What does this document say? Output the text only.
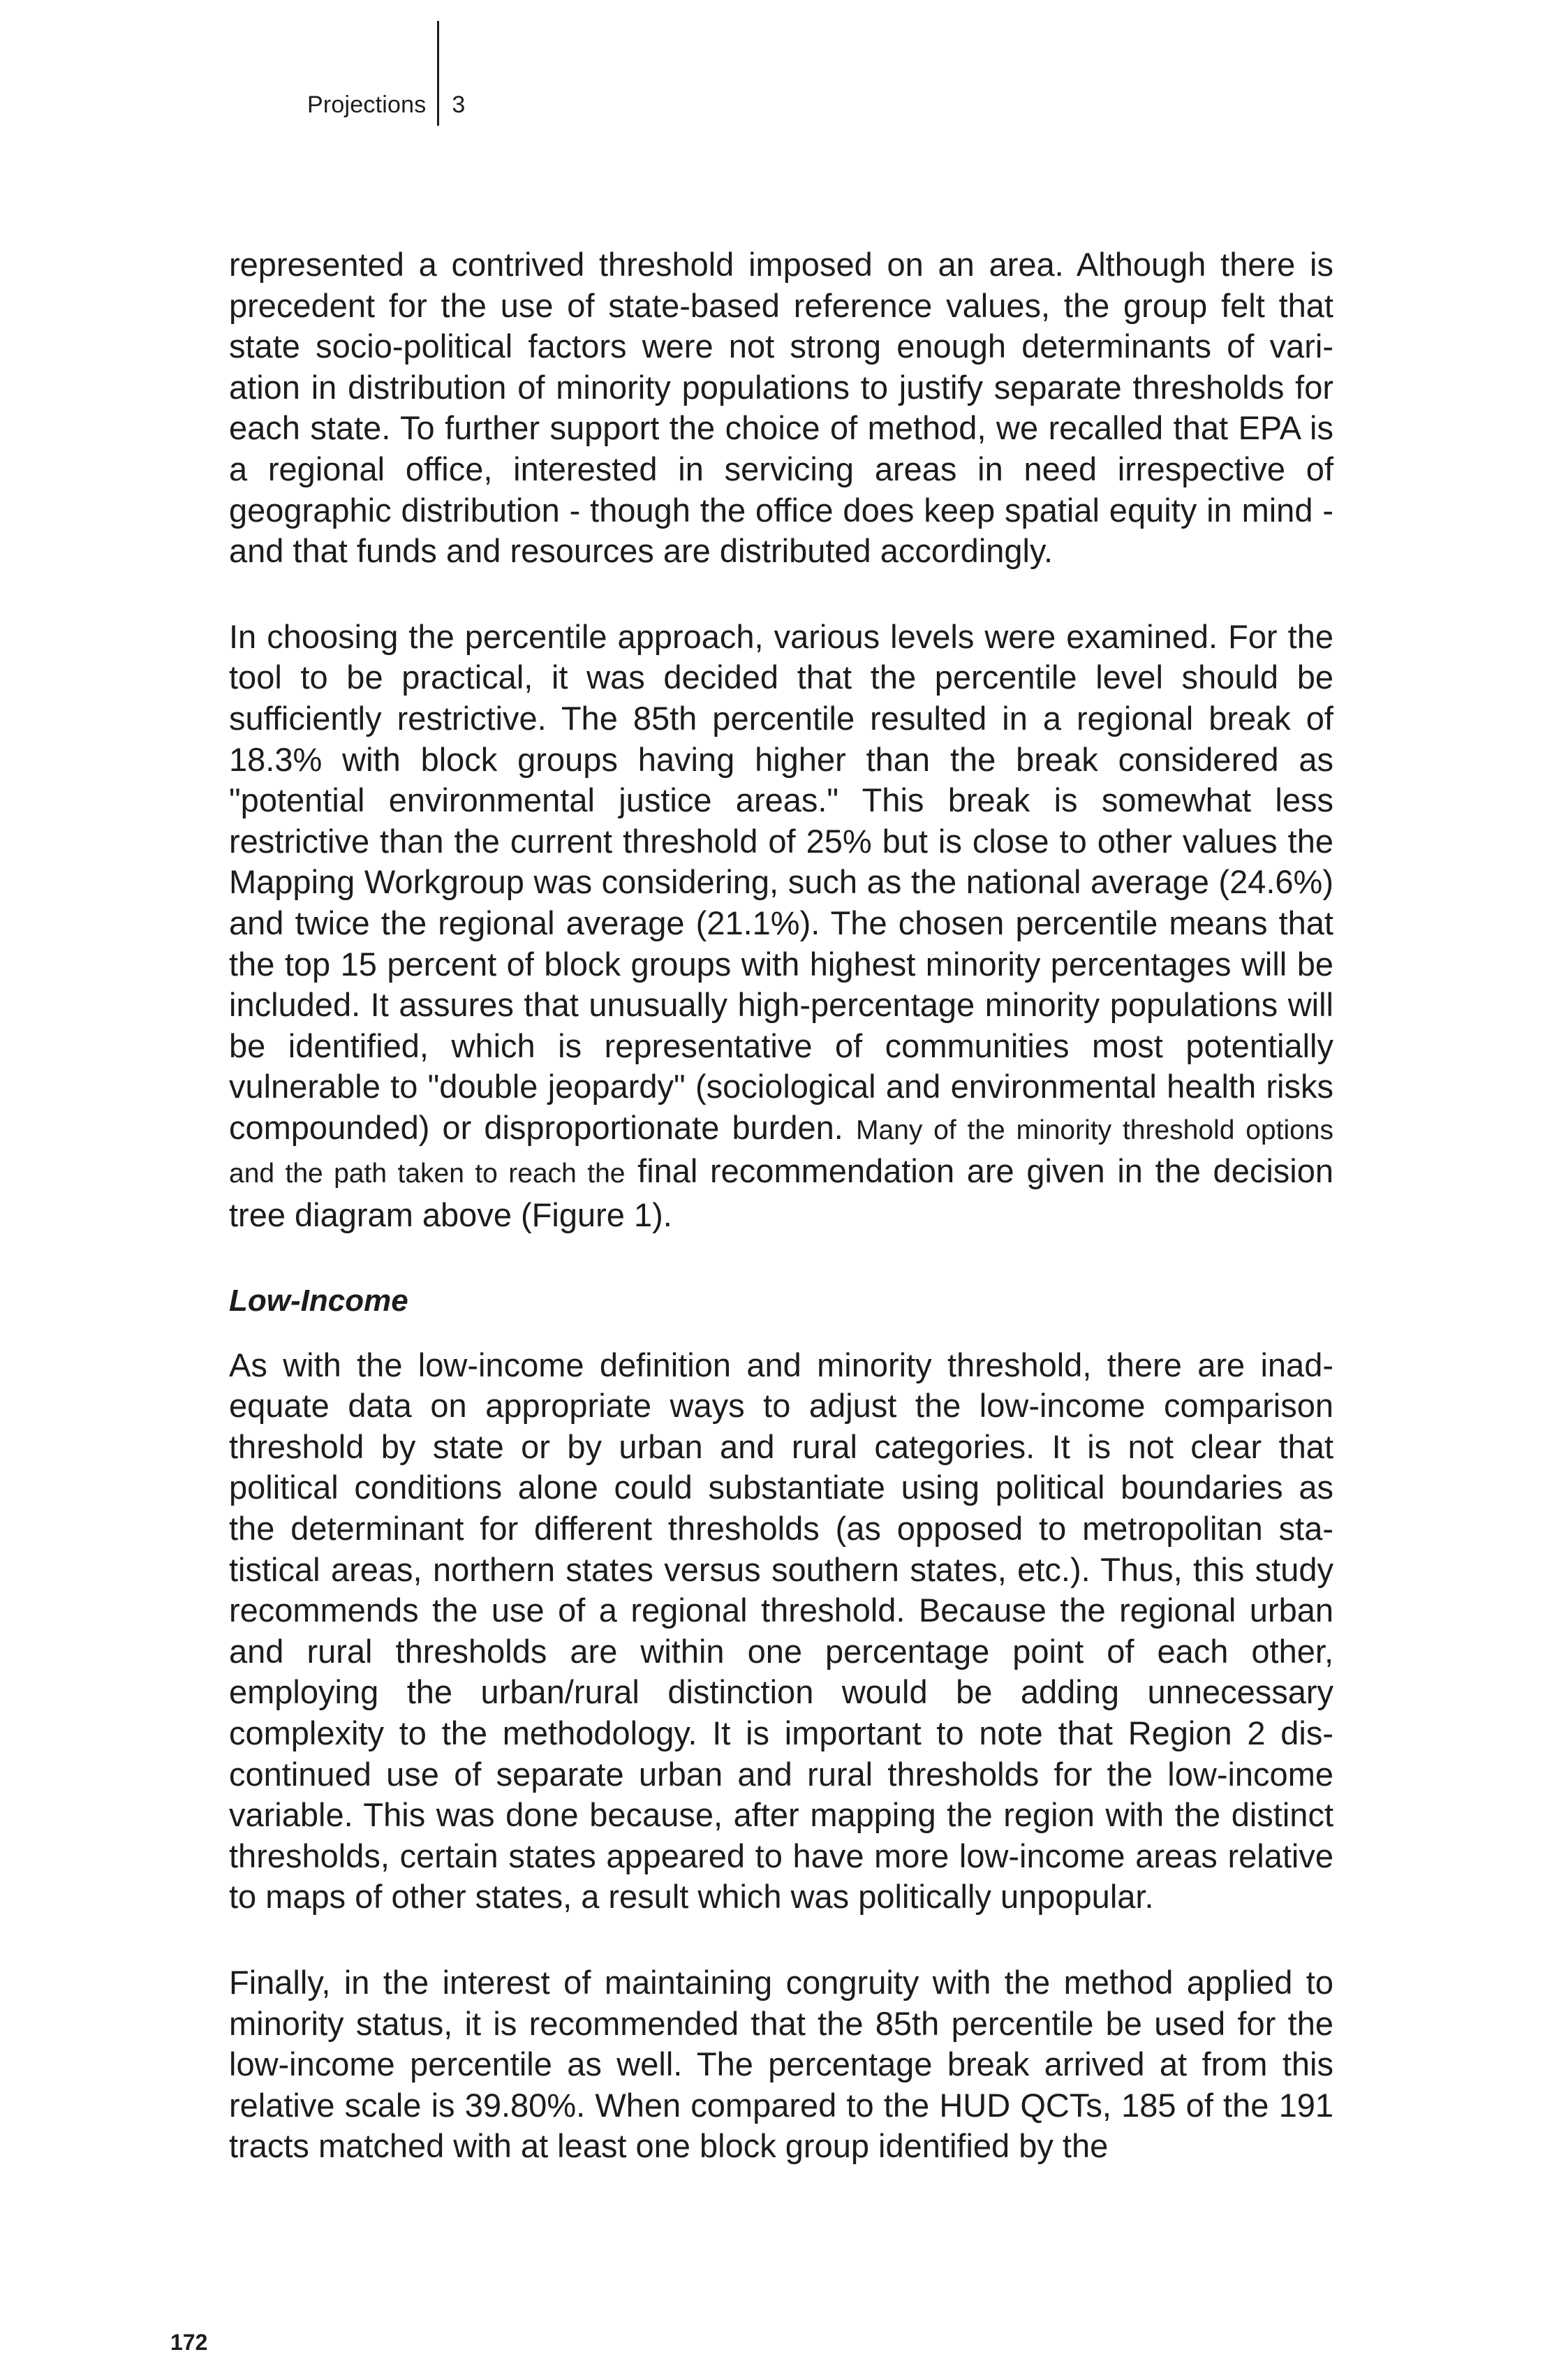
Projections 3

represented a contrived threshold imposed on an area. Although there is precedent for the use of state-based reference values, the group felt that state socio-political factors were not strong enough determinants of variation in distribution of minority populations to justify separate thresholds for each state. To further support the choice of method, we recalled that EPA is a regional office, interested in servicing areas in need irrespective of geographic distribution - though the office does keep spatial equity in mind - and that funds and resources are distributed accordingly.

In choosing the percentile approach, various levels were examined. For the tool to be practical, it was decided that the percentile level should be sufficiently restrictive. The 85th percentile resulted in a regional break of 18.3% with block groups having higher than the break considered as "potential environmental justice areas." This break is somewhat less restrictive than the current threshold of 25% but is close to other values the Mapping Workgroup was considering, such as the national average (24.6%) and twice the regional average (21.1%). The chosen percentile means that the top 15 percent of block groups with highest minority percentages will be included. It assures that unusually high-percentage minority populations will be identified, which is representative of communities most potentially vulnerable to "double jeopardy" (sociological and environmental health risks compounded) or disproportionate burden. Many of the minority threshold options and the path taken to reach the final recommendation are given in the decision tree diagram above (Figure 1).

Low-Income

As with the low-income definition and minority threshold, there are inadequate data on appropriate ways to adjust the low-income comparison threshold by state or by urban and rural categories. It is not clear that political conditions alone could substantiate using political boundaries as the determinant for different thresholds (as opposed to metropolitan statistical areas, northern states versus southern states, etc.). Thus, this study recommends the use of a regional threshold. Because the regional urban and rural thresholds are within one percentage point of each other, employing the urban/rural distinction would be adding unnecessary complexity to the methodology. It is important to note that Region 2 discontinued use of separate urban and rural thresholds for the low-income variable. This was done because, after mapping the region with the distinct thresholds, certain states appeared to have more low-income areas relative to maps of other states, a result which was politically unpopular.

Finally, in the interest of maintaining congruity with the method applied to minority status, it is recommended that the 85th percentile be used for the low-income percentile as well. The percentage break arrived at from this relative scale is 39.80%. When compared to the HUD QCTs, 185 of the 191 tracts matched with at least one block group identified by the

172
